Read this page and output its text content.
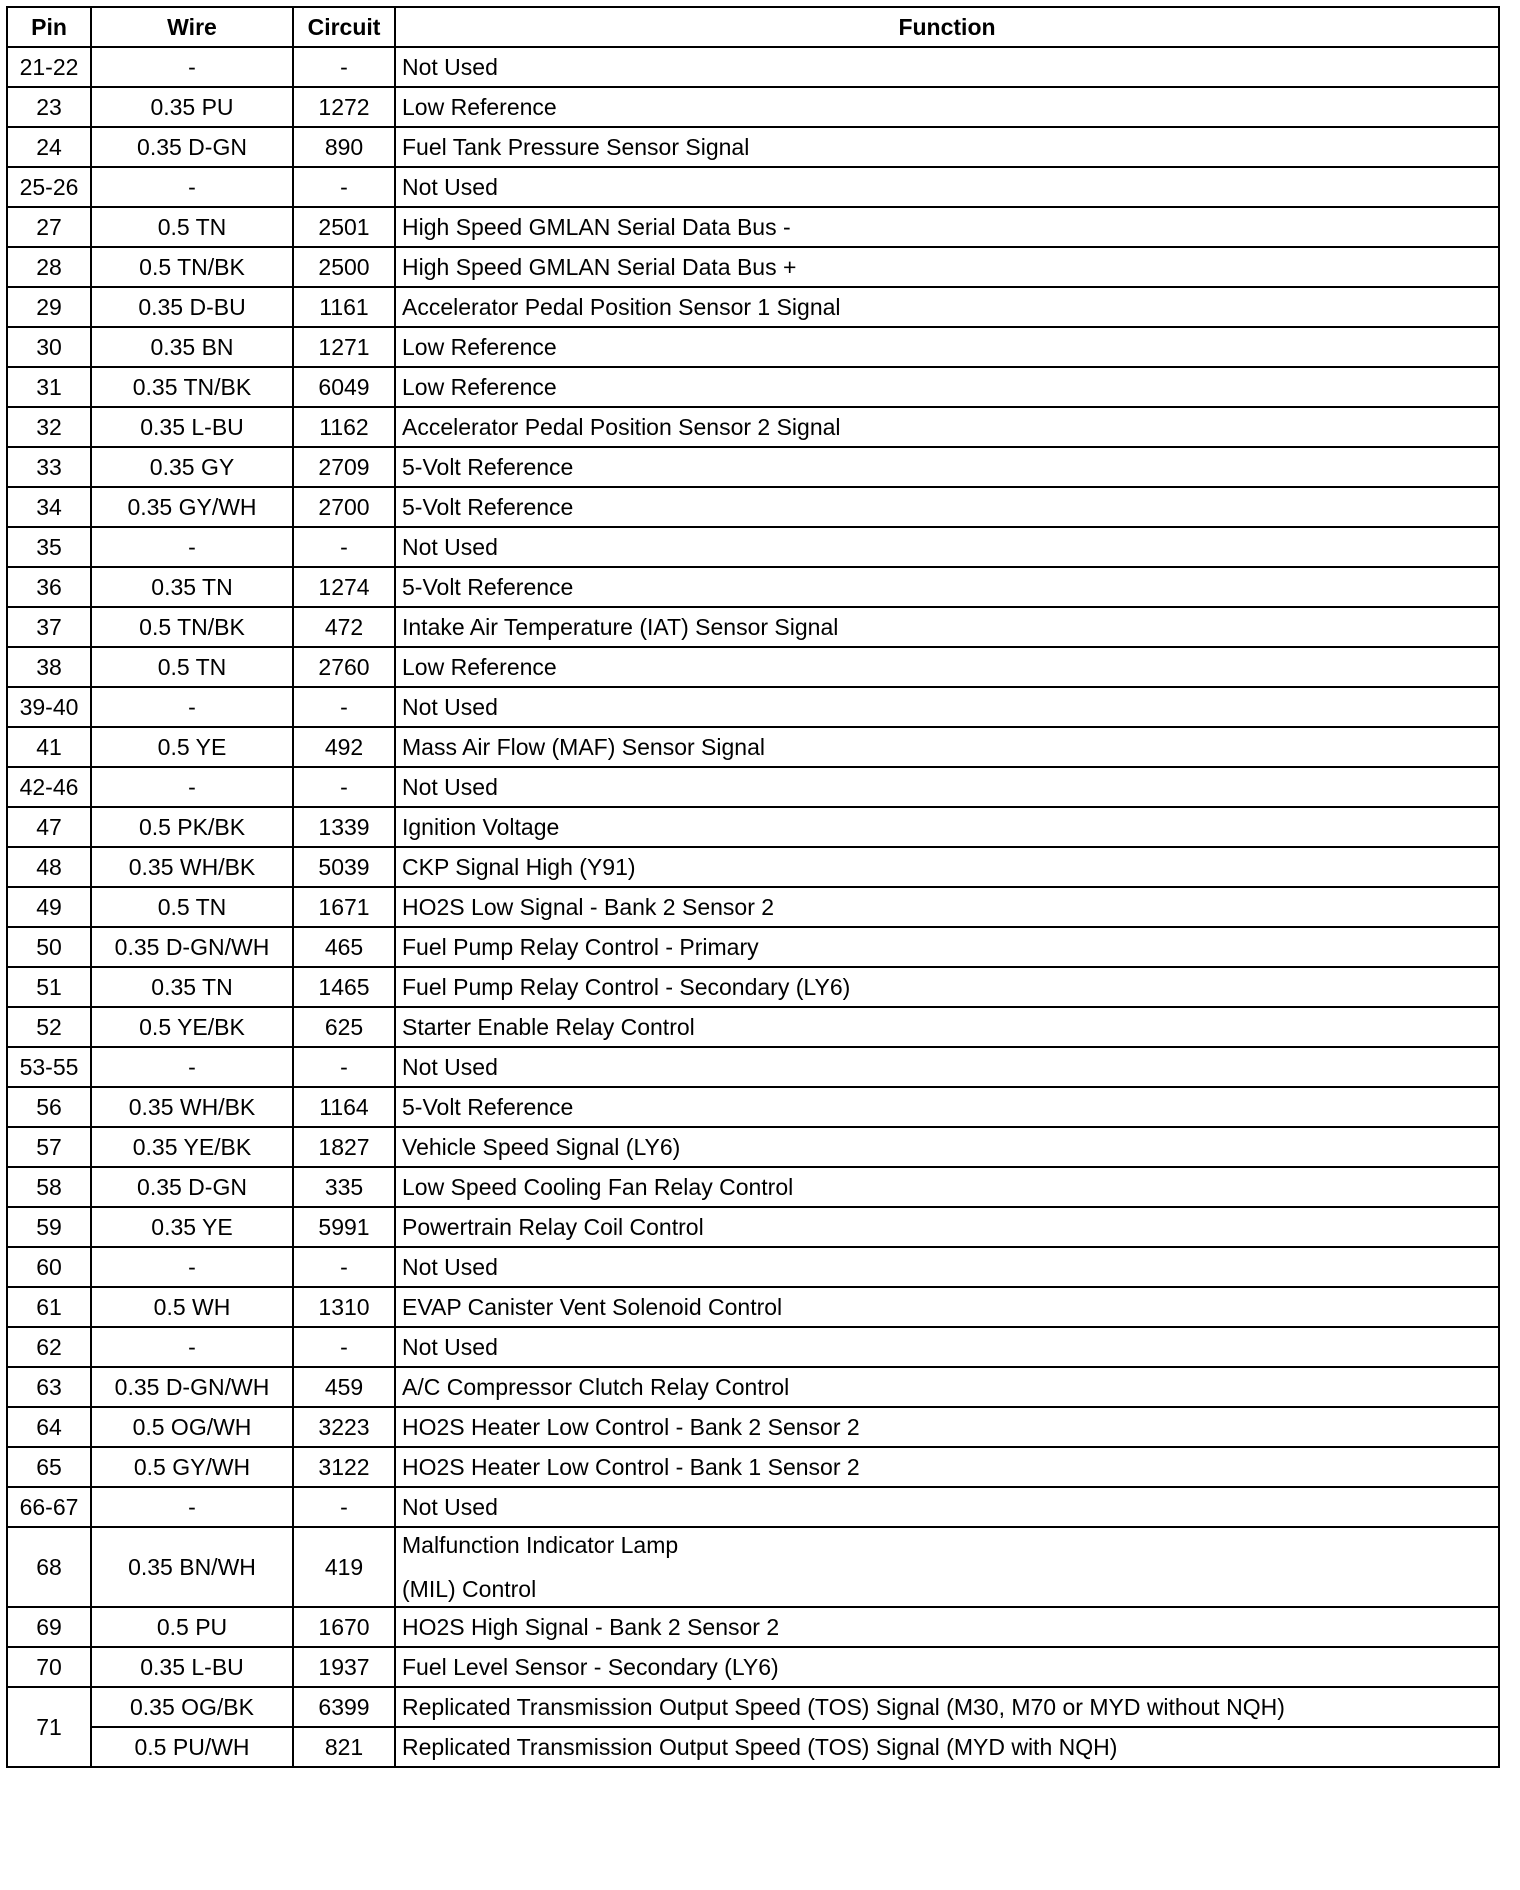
Pin	Wire	Circuit	Function
21-22	-	-	Not Used
23	0.35 PU	1272	Low Reference
24	0.35 D-GN	890	Fuel Tank Pressure Sensor Signal
25-26	-	-	Not Used
27	0.5 TN	2501	High Speed GMLAN Serial Data Bus -
28	0.5 TN/BK	2500	High Speed GMLAN Serial Data Bus +
29	0.35 D-BU	1161	Accelerator Pedal Position Sensor 1 Signal
30	0.35 BN	1271	Low Reference
31	0.35 TN/BK	6049	Low Reference
32	0.35 L-BU	1162	Accelerator Pedal Position Sensor 2 Signal
33	0.35 GY	2709	5-Volt Reference
34	0.35 GY/WH	2700	5-Volt Reference
35	-	-	Not Used
36	0.35 TN	1274	5-Volt Reference
37	0.5 TN/BK	472	Intake Air Temperature (IAT) Sensor Signal
38	0.5 TN	2760	Low Reference
39-40	-	-	Not Used
41	0.5 YE	492	Mass Air Flow (MAF) Sensor Signal
42-46	-	-	Not Used
47	0.5 PK/BK	1339	Ignition Voltage
48	0.35 WH/BK	5039	CKP Signal High (Y91)
49	0.5 TN	1671	HO2S Low Signal - Bank 2 Sensor 2
50	0.35 D-GN/WH	465	Fuel Pump Relay Control - Primary
51	0.35 TN	1465	Fuel Pump Relay Control - Secondary (LY6)
52	0.5 YE/BK	625	Starter Enable Relay Control
53-55	-	-	Not Used
56	0.35 WH/BK	1164	5-Volt Reference
57	0.35 YE/BK	1827	Vehicle Speed Signal (LY6)
58	0.35 D-GN	335	Low Speed Cooling Fan Relay Control
59	0.35 YE	5991	Powertrain Relay Coil Control
60	-	-	Not Used
61	0.5 WH	1310	EVAP Canister Vent Solenoid Control
62	-	-	Not Used
63	0.35 D-GN/WH	459	A/C Compressor Clutch Relay Control
64	0.5 OG/WH	3223	HO2S Heater Low Control - Bank 2 Sensor 2
65	0.5 GY/WH	3122	HO2S Heater Low Control - Bank 1 Sensor 2
66-67	-	-	Not Used
68	0.35 BN/WH	419	Malfunction Indicator Lamp
(MIL) Control
69	0.5 PU	1670	HO2S High Signal - Bank 2 Sensor 2
70	0.35 L-BU	1937	Fuel Level Sensor - Secondary (LY6)
71	0.35 OG/BK	6399	Replicated Transmission Output Speed (TOS) Signal (M30, M70 or MYD without NQH)
	0.5 PU/WH	821	Replicated Transmission Output Speed (TOS) Signal (MYD with NQH)
